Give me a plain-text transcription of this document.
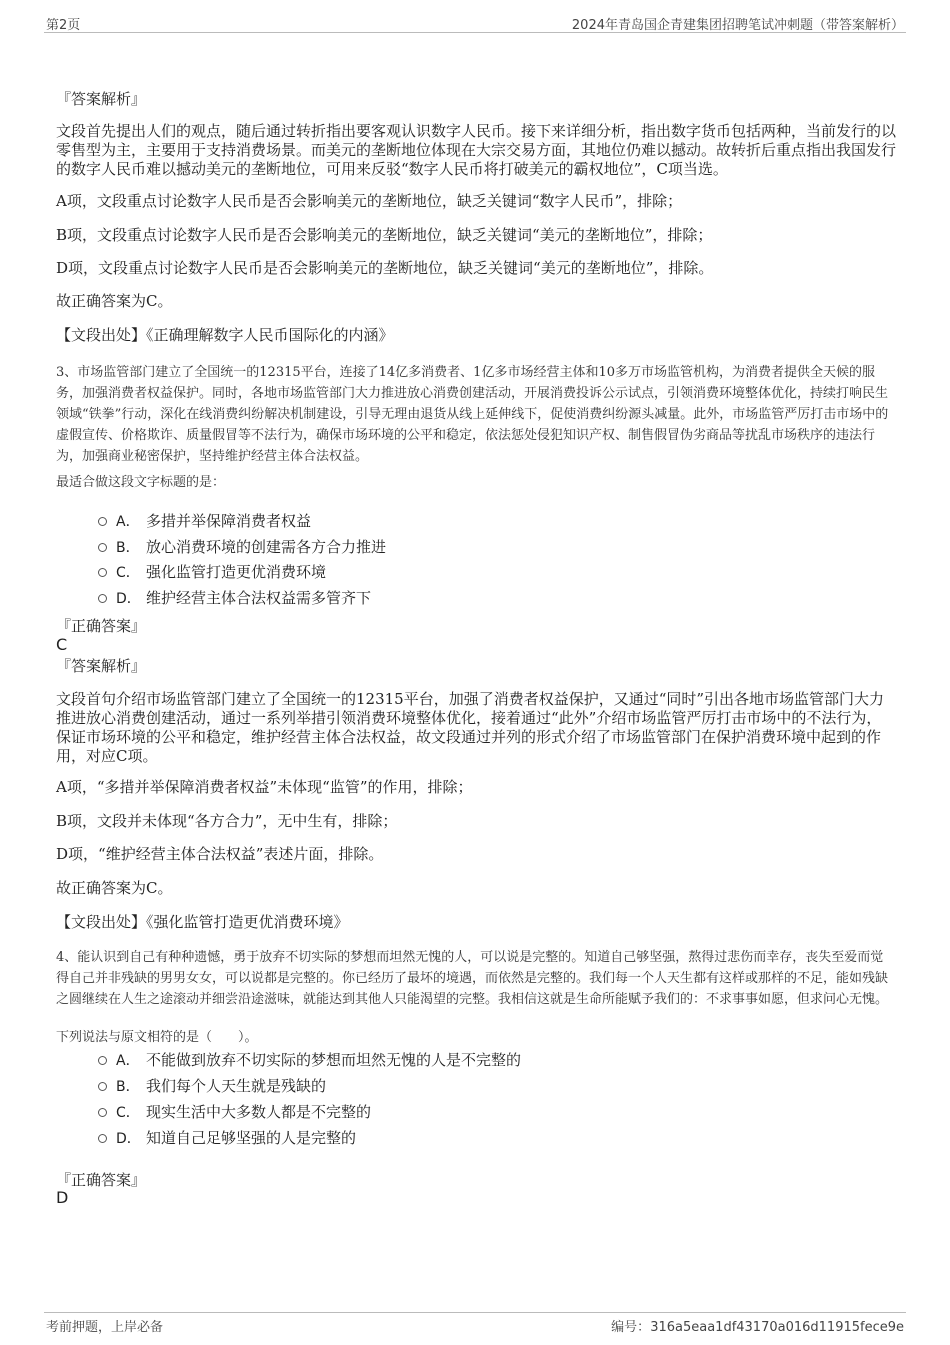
第2页	2024年青岛国企青建集团招聘笔试冲刺题（带答案解析）
『答案解析』
文段首先提出人们的观点，随后通过转折指出要客观认识数字人民币。接下来详细分析，指出数字货币包括两种，当前发行的以零售型为主，主要用于支持消费场景。而美元的垄断地位体现在大宗交易方面，其地位仍难以撼动。故转折后重点指出我国发行的数字人民币难以撼动美元的垄断地位，可用来反驳“数字人民币将打破美元的霸权地位”，C项当选。
A项，文段重点讨论数字人民币是否会影响美元的垄断地位，缺乏关键词“数字人民币”，排除；
B项，文段重点讨论数字人民币是否会影响美元的垄断地位，缺乏关键词“美元的垄断地位”，排除；
D项，文段重点讨论数字人民币是否会影响美元的垄断地位，缺乏关键词“美元的垄断地位”，排除。
故正确答案为C。
【文段出处】《正确理解数字人民币国际化的内涵》
3、市场监管部门建立了全国统一的12315平台，连接了14亿多消费者、1亿多市场经营主体和10多万市场监管机构，为消费者提供全天候的服务，加强消费者权益保护。同时，各地市场监管部门大力推进放心消费创建活动，开展消费投诉公示试点，引领消费环境整体优化，持续打响民生领域“铁拳”行动，深化在线消费纠纷解决机制建设，引导无理由退货从线上延伸线下，促使消费纠纷源头减量。此外，市场监管严厉打击市场中的虚假宣传、价格欺诈、质量假冒等不法行为，确保市场环境的公平和稳定，依法惩处侵犯知识产权、制售假冒伪劣商品等扰乱市场秩序的违法行为，加强商业秘密保护，坚持维护经营主体合法权益。
最适合做这段文字标题的是：
A． 多措并举保障消费者权益
B． 放心消费环境的创建需各方合力推进
C． 强化监管打造更优消费环境
D． 维护经营主体合法权益需多管齐下
『正确答案』
C
『答案解析』
文段首句介绍市场监管部门建立了全国统一的12315平台，加强了消费者权益保护，又通过“同时”引出各地市场监管部门大力推进放心消费创建活动，通过一系列举措引领消费环境整体优化，接着通过“此外”介绍市场监管严厉打击市场中的不法行为，保证市场环境的公平和稳定，维护经营主体合法权益，故文段通过并列的形式介绍了市场监管部门在保护消费环境中起到的作用，对应C项。
A项，“多措并举保障消费者权益”未体现“监管”的作用，排除；
B项，文段并未体现“各方合力”，无中生有，排除；
D项，“维护经营主体合法权益”表述片面，排除。
故正确答案为C。
【文段出处】《强化监管打造更优消费环境》
4、能认识到自己有种种遗憾，勇于放弃不切实际的梦想而坦然无愧的人，可以说是完整的。知道自己够坚强，熬得过悲伤而幸存，丧失至爱而觉得自己并非残缺的男男女女，可以说都是完整的。你已经历了最坏的境遇，而依然是完整的。我们每一个人天生都有这样或那样的不足，能如残缺之圆继续在人生之途滚动并细尝沿途滋味，就能达到其他人只能渴望的完整。我相信这就是生命所能赋予我们的：不求事事如愿，但求问心无愧。
下列说法与原文相符的是（　　）。
A． 不能做到放弃不切实际的梦想而坦然无愧的人是不完整的
B． 我们每个人天生就是残缺的
C． 现实生活中大多数人都是不完整的
D． 知道自己足够坚强的人是完整的
『正确答案』
D
考前押题，上岸必备	编号：316a5eaa1df43170a016d11915fece9e
